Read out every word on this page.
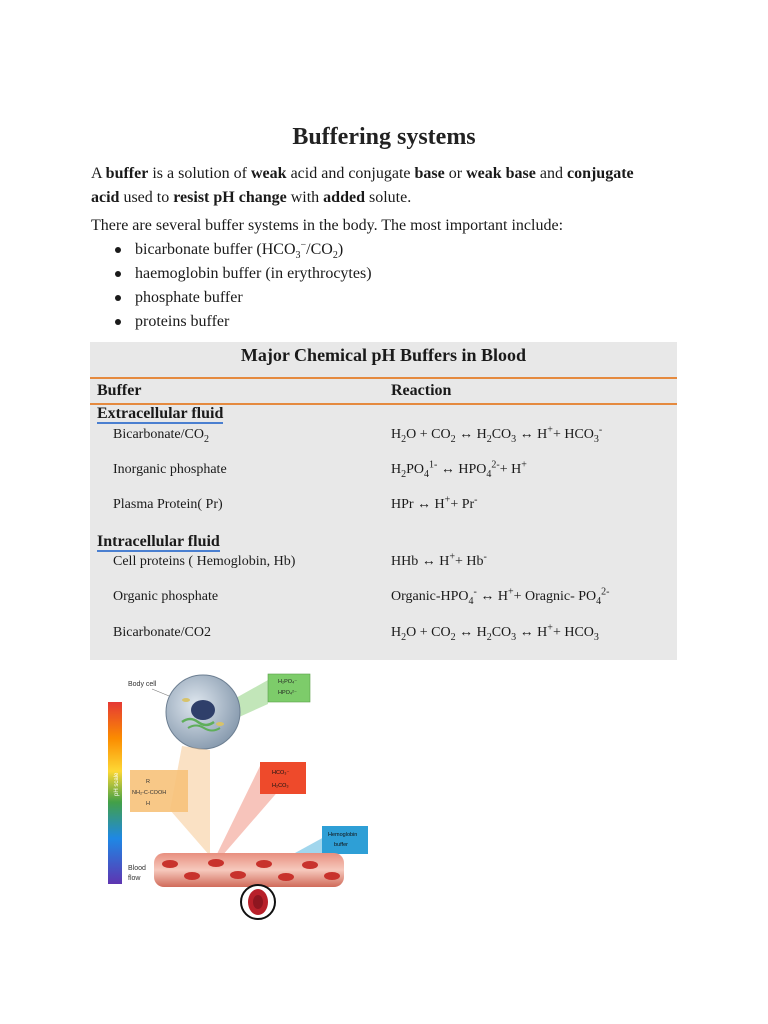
Buffering systems
A buffer is a solution of weak acid and conjugate base or weak base and conjugate acid used to resist pH change with added solute.
There are several buffer systems in the body. The most important include:
bicarbonate buffer $(HCO_3^-/CO_2)$
haemoglobin buffer (in erythrocytes)
phosphate buffer
proteins buffer
Major Chemical pH Buffers in Blood
Buffer	Reaction
Extracellular fluid
Bicarbonate/$CO_2$	$H_2O + CO_2$ ↔ $H_2CO_3$ ↔ $H^++ HCO_3^-$
Inorganic phosphate	$H_2PO_4^{1-}$ ↔ $HPO_4^{2-}+ H^+$
Plasma Protein( Pr)	HPr ↔ H++ Pr-
Intracellular fluid
Cell proteins ( Hemoglobin, Hb)	HHb ↔ H++ Hb-
Organic phosphate	Organic-$HPO_4^-$ ↔ H++ Oragnic- $PO_4^{2-}$
Bicarbonate/CO2	$H_2O + CO_2$ ↔ $H_2CO_3$ ↔ $H^++ HCO_3$
pH scale
Body cell	H₂PO₄⁻
HPO₄²⁻
R
NH₂-C-COOH
H
HCO₃⁻
H₂CO₃
Hemoglobin
buffer
Blood
flow
